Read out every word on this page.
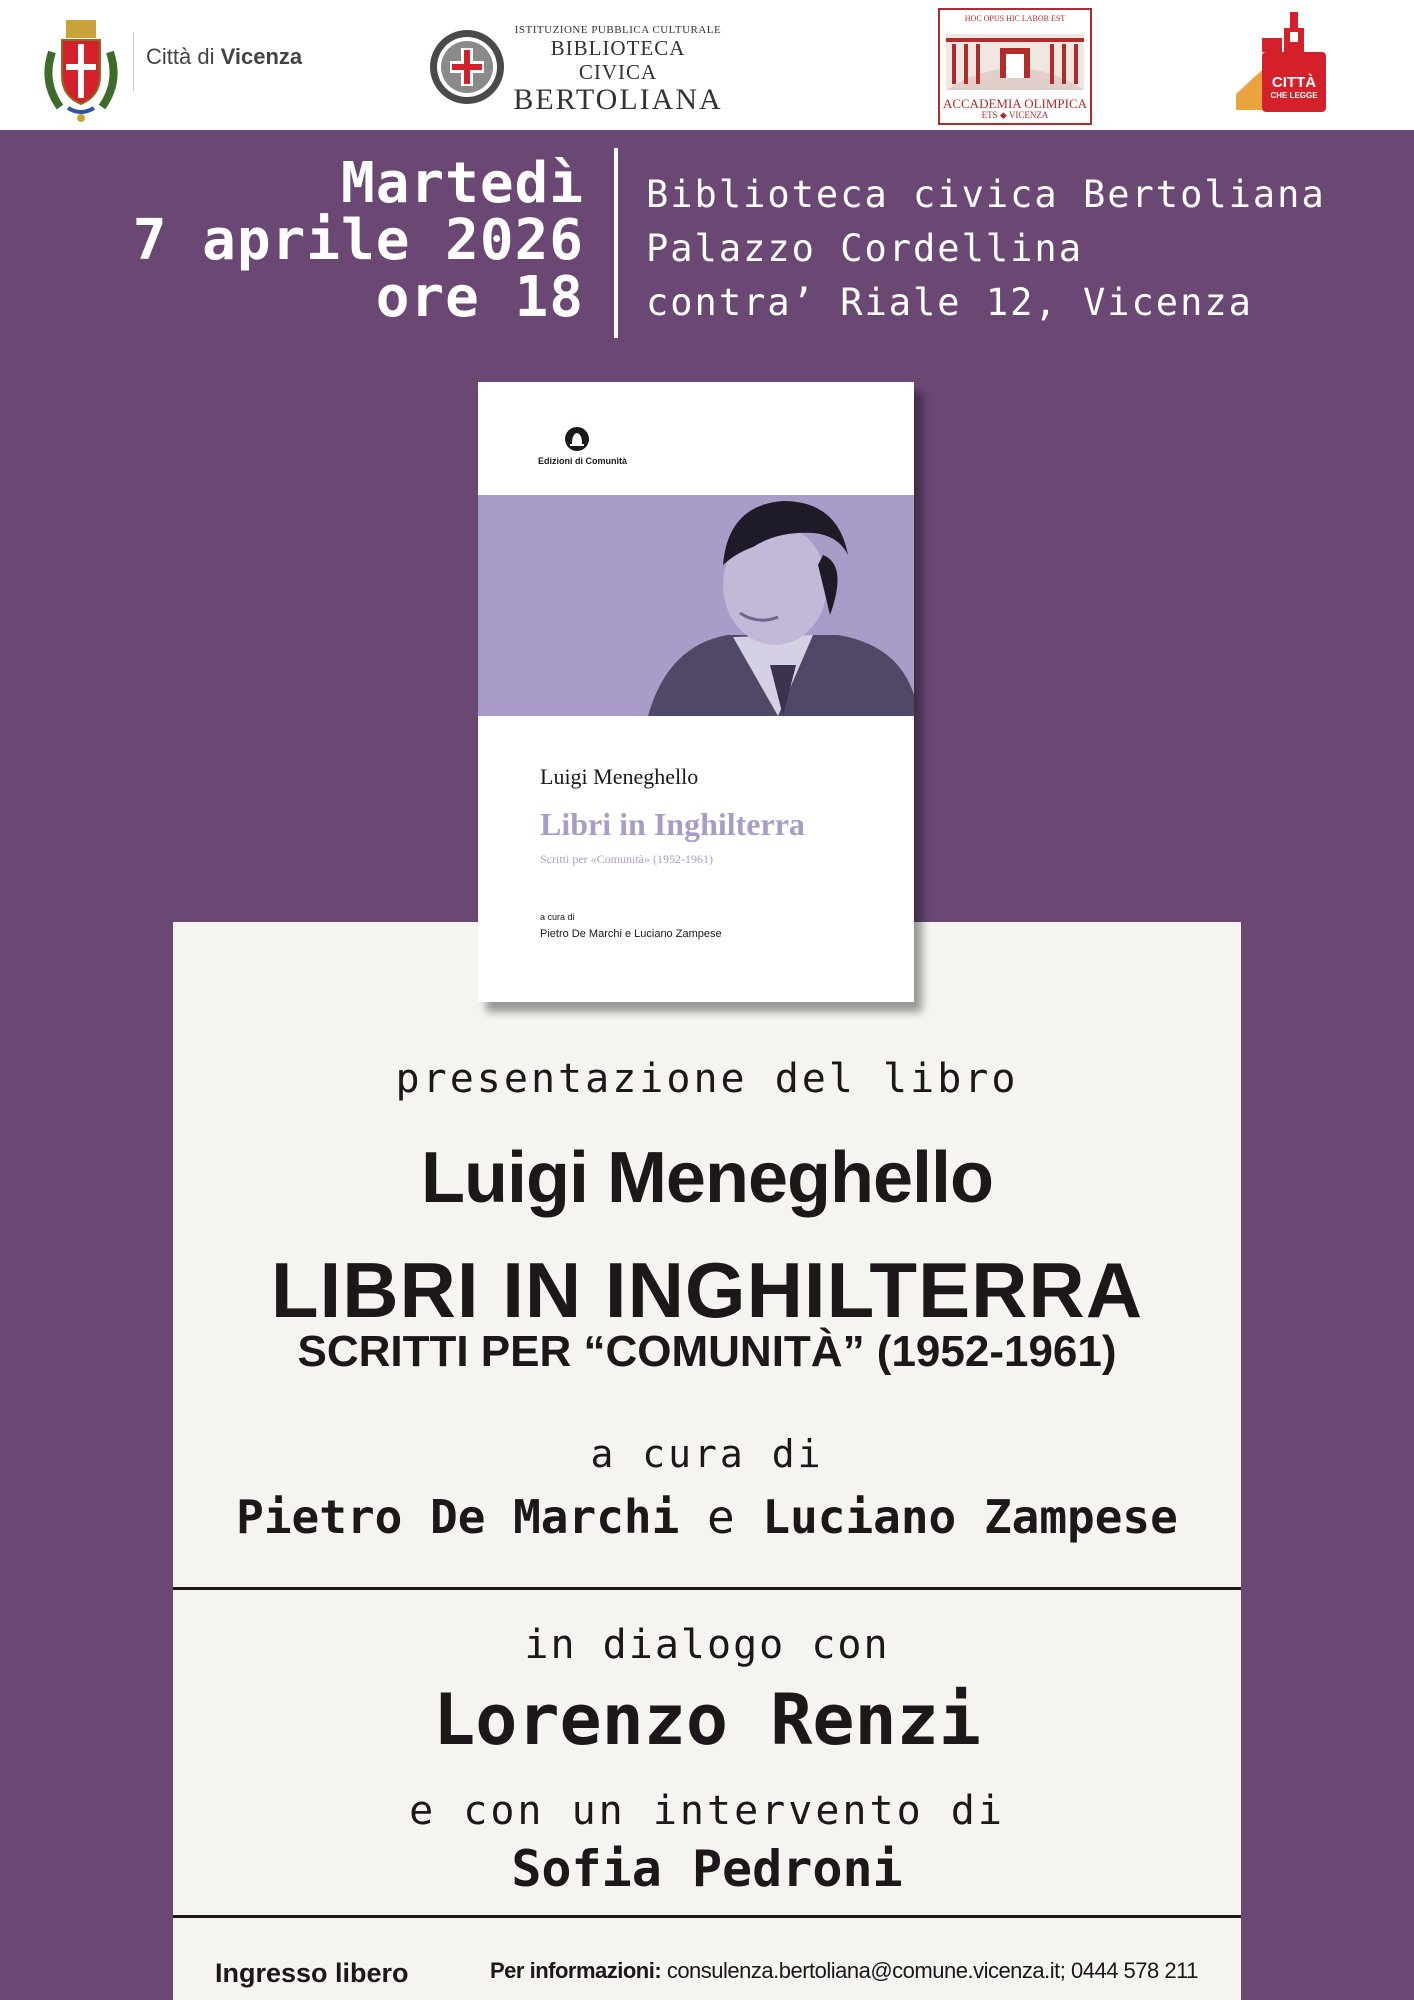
Città di Vicenza
ISTITUZIONE PUBBLICA CULTURALE
BIBLIOTECA CIVICA
BERTOLIANA
HOC OPUS HIC LABOR EST
ACCADEMIA OLIMPICA
ETS ◆ VICENZA
CITTÀ
CHE LEGGE
Martedì
7 aprile 2026
ore 18
Biblioteca civica Bertoliana
Palazzo Cordellina
contra’ Riale 12, Vicenza
presentazione del libro
Luigi Meneghello
LIBRI IN INGHILTERRA
SCRITTI PER “COMUNITÀ” (1952-1961)
a cura di
Pietro De Marchi e Luciano Zampese
in dialogo con
Lorenzo Renzi
e con un intervento di
Sofia Pedroni
Ingresso libero	Per informazioni: consulenza.bertoliana@comune.vicenza.it; 0444 578 211
Edizioni di Comunità
Luigi Meneghello
Libri in Inghilterra
Scritti per «Comunità» (1952-1961)
a cura di
Pietro De Marchi e Luciano Zampese
